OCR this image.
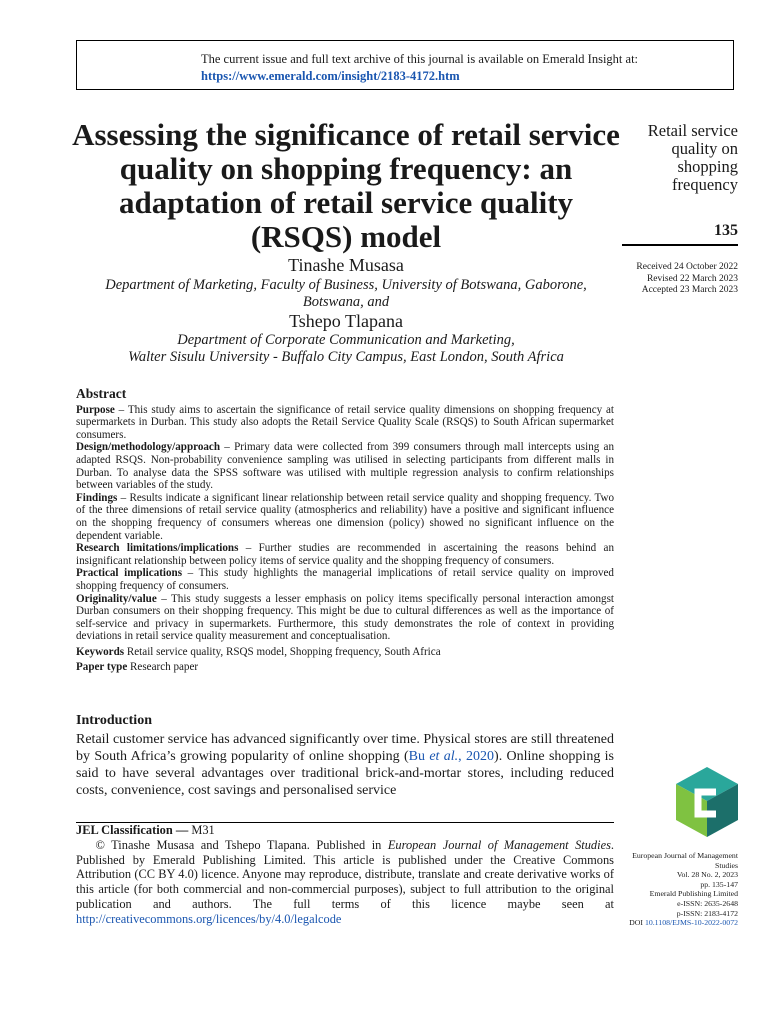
The current issue and full text archive of this journal is available on Emerald Insight at:
https://www.emerald.com/insight/2183-4172.htm
Assessing the significance of retail service quality on shopping frequency: an adaptation of retail service quality (RSQS) model
Tinashe Musasa
Department of Marketing, Faculty of Business, University of Botswana, Gaborone, Botswana, and
Tshepo Tlapana
Department of Corporate Communication and Marketing,
Walter Sisulu University - Buffalo City Campus, East London, South Africa

Retail service quality on shopping frequency

135
Received 24 October 2022
Revised 22 March 2023
Accepted 23 March 2023
Abstract

Purpose – This study aims to ascertain the significance of retail service quality dimensions on shopping frequency at supermarkets in Durban. This study also adopts the Retail Service Quality Scale (RSQS) to South African supermarket consumers.

Design/methodology/approach – Primary data were collected from 399 consumers through mall intercepts using an adapted RSQS. Non-probability convenience sampling was utilised in selecting participants from different malls in Durban. To analyse data the SPSS software was utilised with multiple regression analysis to confirm relationships between variables of the study.

Findings – Results indicate a significant linear relationship between retail service quality and shopping frequency. Two of the three dimensions of retail service quality (atmospherics and reliability) have a positive and significant influence on the shopping frequency of consumers whereas one dimension (policy) showed no significant influence on the dependent variable.

Research limitations/implications – Further studies are recommended in ascertaining the reasons behind an insignificant relationship between policy items of service quality and the shopping frequency of consumers.

Practical implications – This study highlights the managerial implications of retail service quality on improved shopping frequency of consumers.

Originality/value – This study suggests a lesser emphasis on policy items specifically personal interaction amongst Durban consumers on their shopping frequency. This might be due to cultural differences as well as the importance of self-service and privacy in supermarkets. Furthermore, this study demonstrates the role of context in providing deviations in retail service quality measurement and conceptualisation.

Keywords Retail service quality, RSQS model, Shopping frequency, South Africa

Paper type Research paper

Introduction

Retail customer service has advanced significantly over time. Physical stores are still threatened by South Africa’s growing popularity of online shopping (Bu et al., 2020). Online shopping is said to have several advantages over traditional brick-and-mortar stores, including reduced costs, convenience, cost savings and personalised service

JEL Classification — M31

© Tinashe Musasa and Tshepo Tlapana. Published in European Journal of Management Studies. Published by Emerald Publishing Limited. This article is published under the Creative Commons Attribution (CC BY 4.0) licence. Anyone may reproduce, distribute, translate and create derivative works of this article (for both commercial and non-commercial purposes), subject to full attribution to the original publication and authors. The full terms of this licence maybe seen at http://creativecommons.org/licences/by/4.0/legalcode

European Journal of Management Studies
Vol. 28 No. 2, 2023
pp. 135-147
Emerald Publishing Limited
e-ISSN: 2635-2648
p-ISSN: 2183-4172
DOI 10.1108/EJMS-10-2022-0072
